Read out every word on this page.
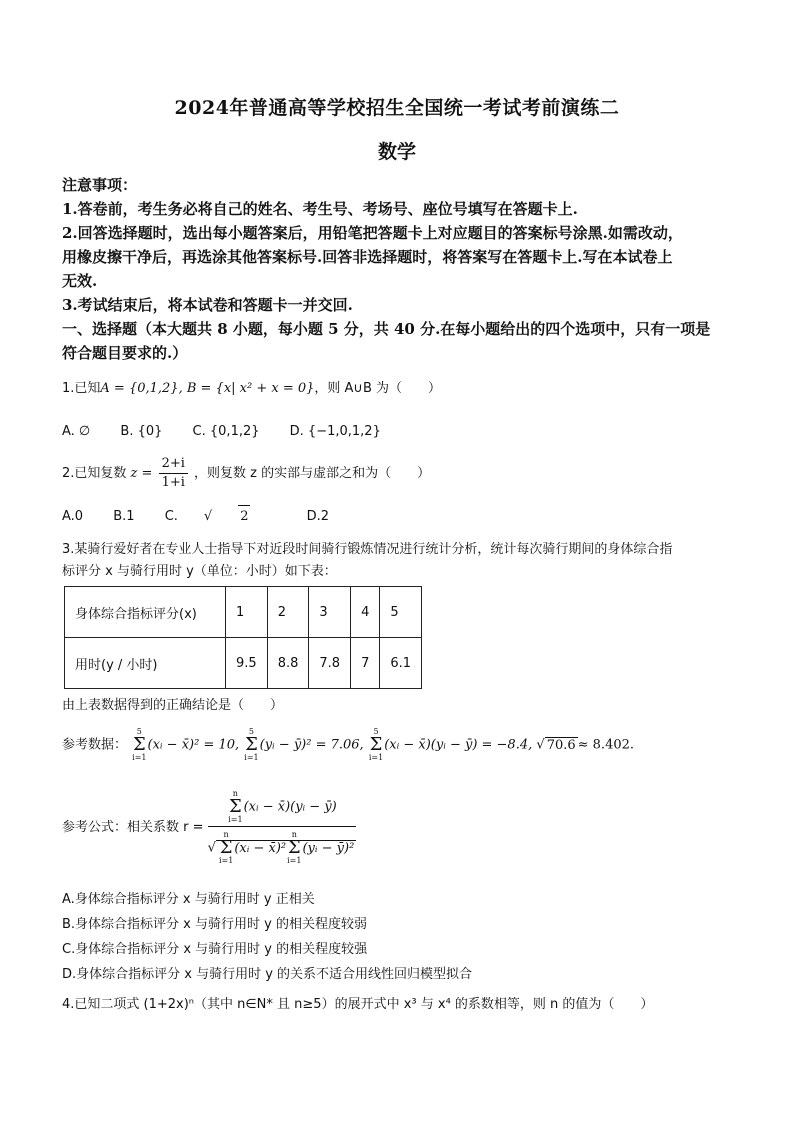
2024年普通高等学校招生全国统一考试考前演练二
数学
注意事项：
1.答卷前，考生务必将自己的姓名、考生号、考场号、座位号填写在答题卡上.
2.回答选择题时，选出每小题答案后，用铅笔把答题卡上对应题目的答案标号涂黑.如需改动，
用橡皮擦干净后，再选涂其他答案标号.回答非选择题时，将答案写在答题卡上.写在本试卷上
无效.
3.考试结束后，将本试卷和答题卡一并交回.
一、选择题（本大题共 8 小题，每小题 5 分，共 40 分.在每小题给出的四个选项中，只有一项是
符合题目要求的.）
1.已知A = {0,1,2}, B = {x| x² + x = 0}，则 A∪B 为（　　）
A. ∅ B. {0} C. {0,1,2} D. {−1,0,1,2}
2.已知复数 $z = \frac{2+i}{1+i}$ ，则复数 z 的实部与虚部之和为（　　）
A.0 B.1 C. √ 2	D.2
3.某骑行爱好者在专业人士指导下对近段时间骑行锻炼情况进行统计分析，统计每次骑行期间的身体综合指
标评分 x 与骑行用时 y（单位：小时）如下表：
身体综合指标评分(x)	1	2	3	4	5
用时(y / 小时)	9.5	8.8	7.8	7	6.1
由上表数据得到的正确结论是（　　）
参考数据：
5
Σ
i=1
(xᵢ − x̄)² = 10,
5
Σ
i=1
(yᵢ − ȳ)² = 7.06,
5
Σ
i=1
(xᵢ − x̄)(yᵢ − ȳ) = −8.4, √ 70.6 ≈ 8.402.
参考公式：相关系数 r = n
Σ
i=1
(xᵢ − x̄)(yᵢ − ȳ)
√
n
Σ
i=1
(xᵢ − x̄)²
n
Σ
i=1
(yᵢ − ȳ)²
A.身体综合指标评分 x 与骑行用时 y 正相关
B.身体综合指标评分 x 与骑行用时 y 的相关程度较弱
C.身体综合指标评分 x 与骑行用时 y 的相关程度较强
D.身体综合指标评分 x 与骑行用时 y 的关系不适合用线性回归模型拟合
4.已知二项式 (1+2x)ⁿ（其中 n∈N* 且 n≥5）的展开式中 x³ 与 x⁴ 的系数相等，则 n 的值为（　　）
